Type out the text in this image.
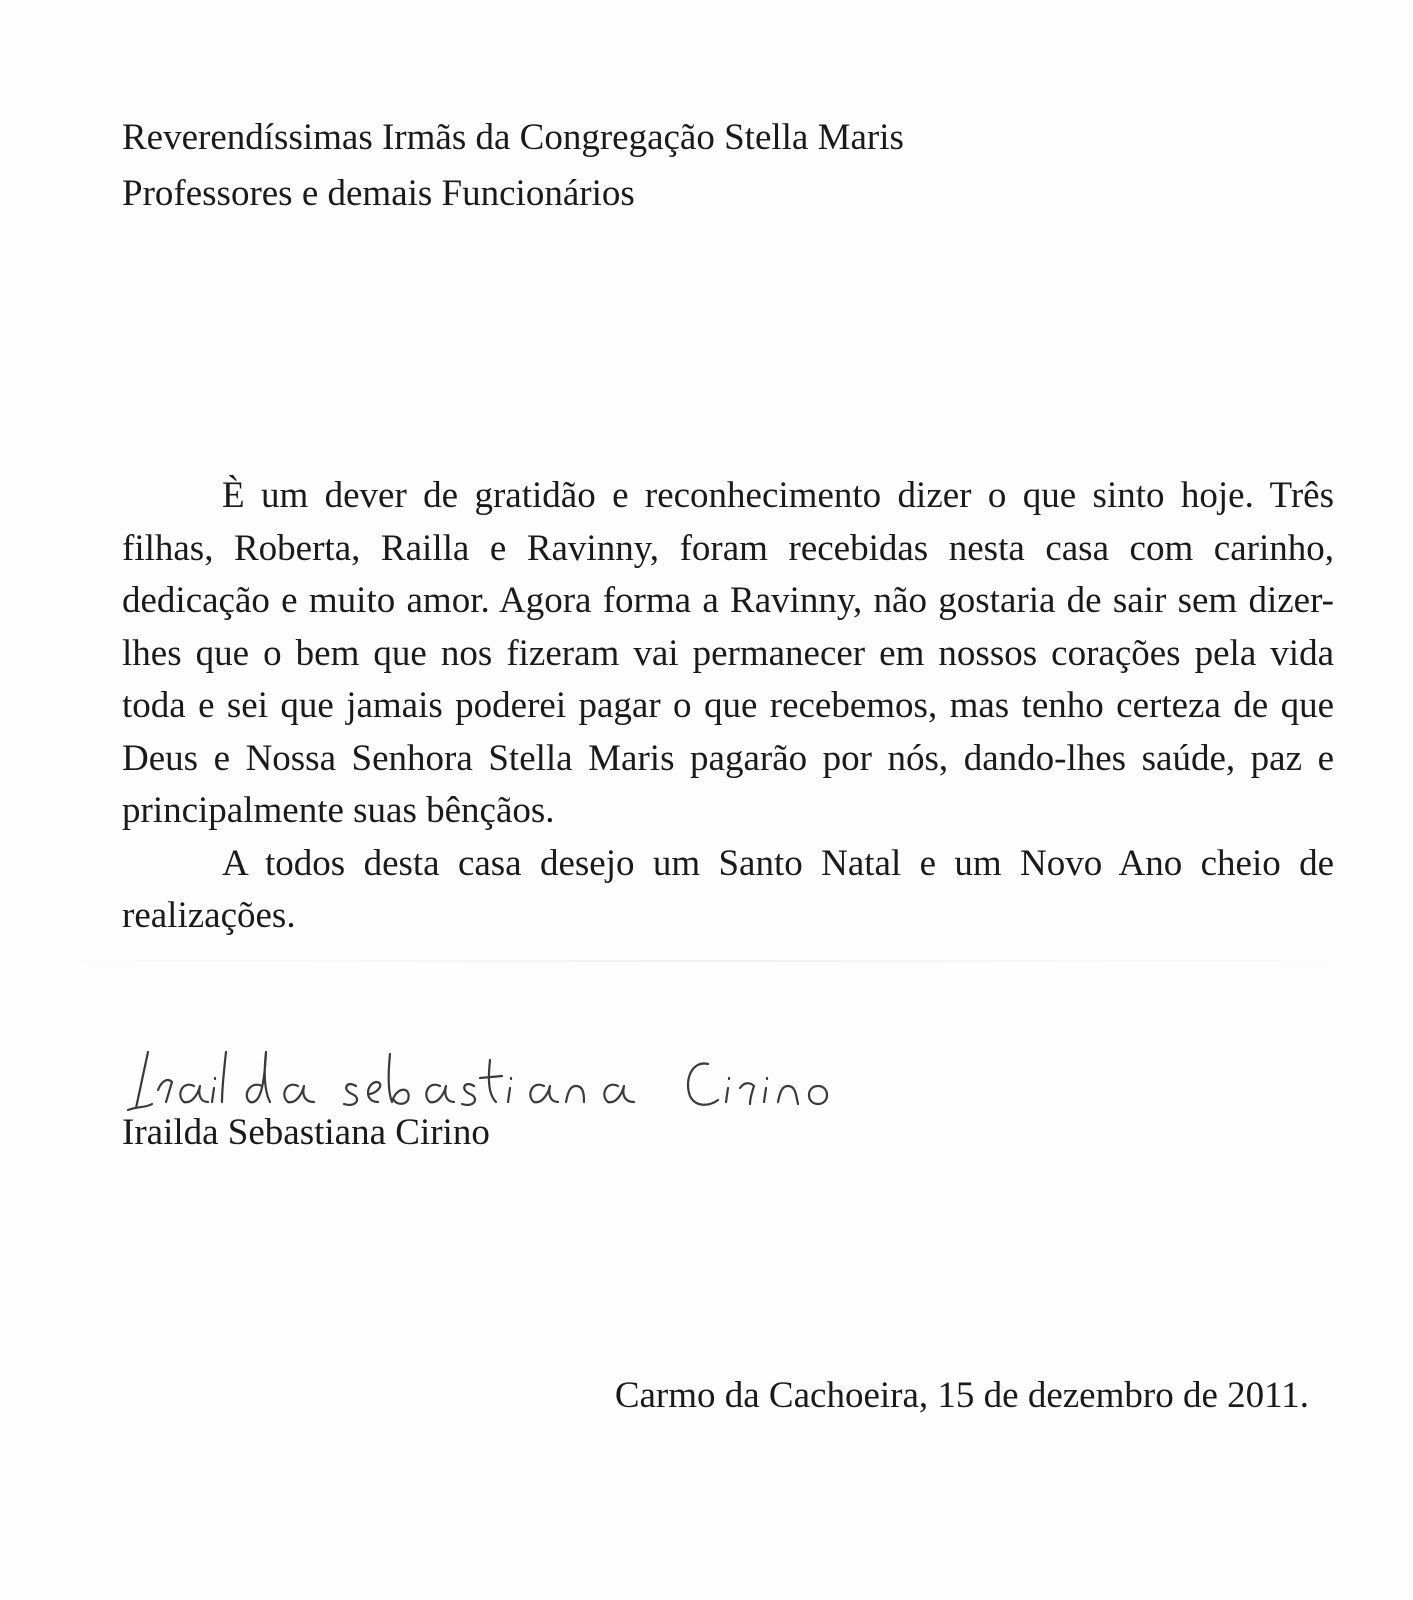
Reverendíssimas Irmãs da Congregação Stella Maris
Professores e demais Funcionários

È um dever de gratidão e reconhecimento dizer o que sinto hoje. Três filhas, Roberta, Railla e Ravinny, foram recebidas nesta casa com carinho, dedicação e muito amor. Agora forma a Ravinny, não gostaria de sair sem dizer-lhes que o bem que nos fizeram vai permanecer em nossos corações pela vida toda e sei que jamais poderei pagar o que recebemos, mas tenho certeza de que Deus e Nossa Senhora Stella Maris pagarão por nós, dando-lhes saúde, paz e principalmente suas bênçãos.

A todos desta casa desejo um Santo Natal e um Novo Ano cheio de realizações.

Irailda Sebastiana Cirino
Carmo da Cachoeira, 15 de dezembro de 2011.
